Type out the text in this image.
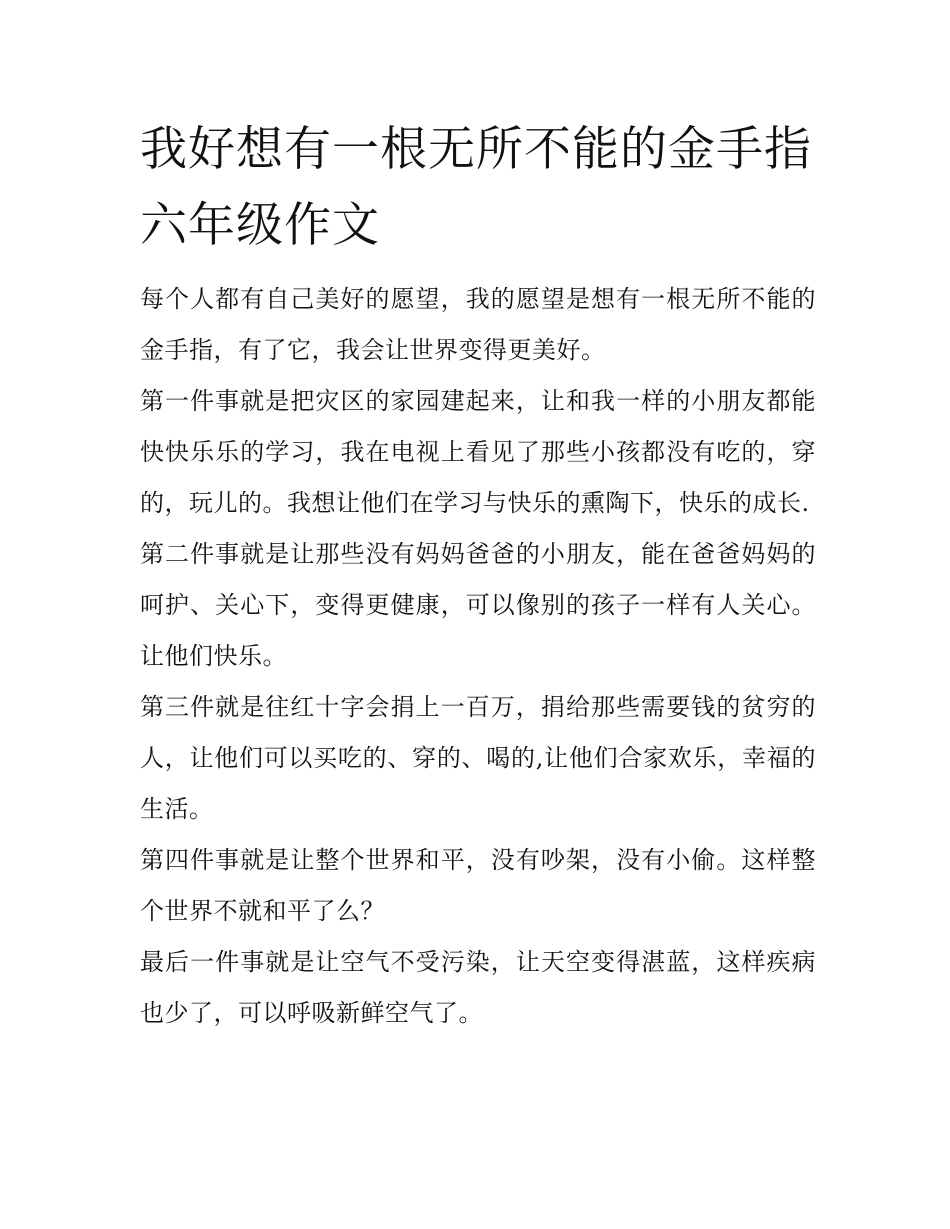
我好想有一根无所不能的金手指六年级作文

每个人都有自己美好的愿望，我的愿望是想有一根无所不能的金手指，有了它，我会让世界变得更美好。

第一件事就是把灾区的家园建起来，让和我一样的小朋友都能快快乐乐的学习，我在电视上看见了那些小孩都没有吃的，穿的，玩儿的。我想让他们在学习与快乐的熏陶下，快乐的成长.

第二件事就是让那些没有妈妈爸爸的小朋友，能在爸爸妈妈的呵护、关心下，变得更健康，可以像别的孩子一样有人关心。让他们快乐。

第三件就是往红十字会捐上一百万，捐给那些需要钱的贫穷的人，让他们可以买吃的、穿的、喝的,让他们合家欢乐，幸福的生活。

第四件事就是让整个世界和平，没有吵架，没有小偷。这样整个世界不就和平了么？

最后一件事就是让空气不受污染，让天空变得湛蓝，这样疾病也少了，可以呼吸新鲜空气了。
